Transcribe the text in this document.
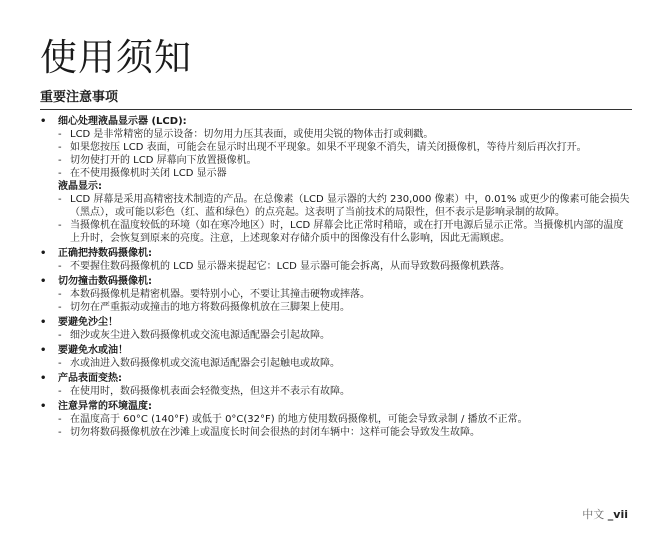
使用须知
重要注意事项
• 细心处理液晶显示器 (LCD):
- LCD 是非常精密的显示设备：切勿用力压其表面，或使用尖锐的物体击打或刺戳。
- 如果您按压 LCD 表面，可能会在显示时出现不平现象。如果不平现象不消失，请关闭摄像机，等待片刻后再次打开。
- 切勿使打开的 LCD 屏幕向下放置摄像机。
- 在不使用摄像机时关闭 LCD 显示器
液晶显示:
- LCD 屏幕是采用高精密技术制造的产品。在总像素（LCD 显示器的大约 230,000 像素）中，0.01% 或更少的像素可能会损失（黑点），或可能以彩色（红、蓝和绿色）的点亮起。这表明了当前技术的局限性，但不表示是影响录制的故障。
- 当摄像机在温度较低的环境（如在寒冷地区）时，LCD 屏幕会比正常时稍暗，或在打开电源后显示正常。当摄像机内部的温度上升时，会恢复到原来的亮度。注意，上述现象对存储介质中的图像没有什么影响，因此无需顾虑。
• 正确把持数码摄像机:
- 不要握住数码摄像机的 LCD 显示器来提起它：LCD 显示器可能会拆离，从而导致数码摄像机跌落。
• 切勿撞击数码摄像机:
- 本数码摄像机是精密机器。要特别小心，不要让其撞击硬物或摔落。
- 切勿在严重振动或撞击的地方将数码摄像机放在三脚架上使用。
• 要避免沙尘！
- 细沙或灰尘进入数码摄像机或交流电源适配器会引起故障。
• 要避免水或油！
- 水或油进入数码摄像机或交流电源适配器会引起触电或故障。
• 产品表面变热:
- 在使用时，数码摄像机表面会轻微变热，但这并不表示有故障。
• 注意异常的环境温度:
- 在温度高于 60°C (140°F) 或低于 0°C(32°F) 的地方使用数码摄像机，可能会导致录制 / 播放不正常。
- 切勿将数码摄像机放在沙滩上或温度长时间会很热的封闭车辆中：这样可能会导致发生故障。
中文 _vii
